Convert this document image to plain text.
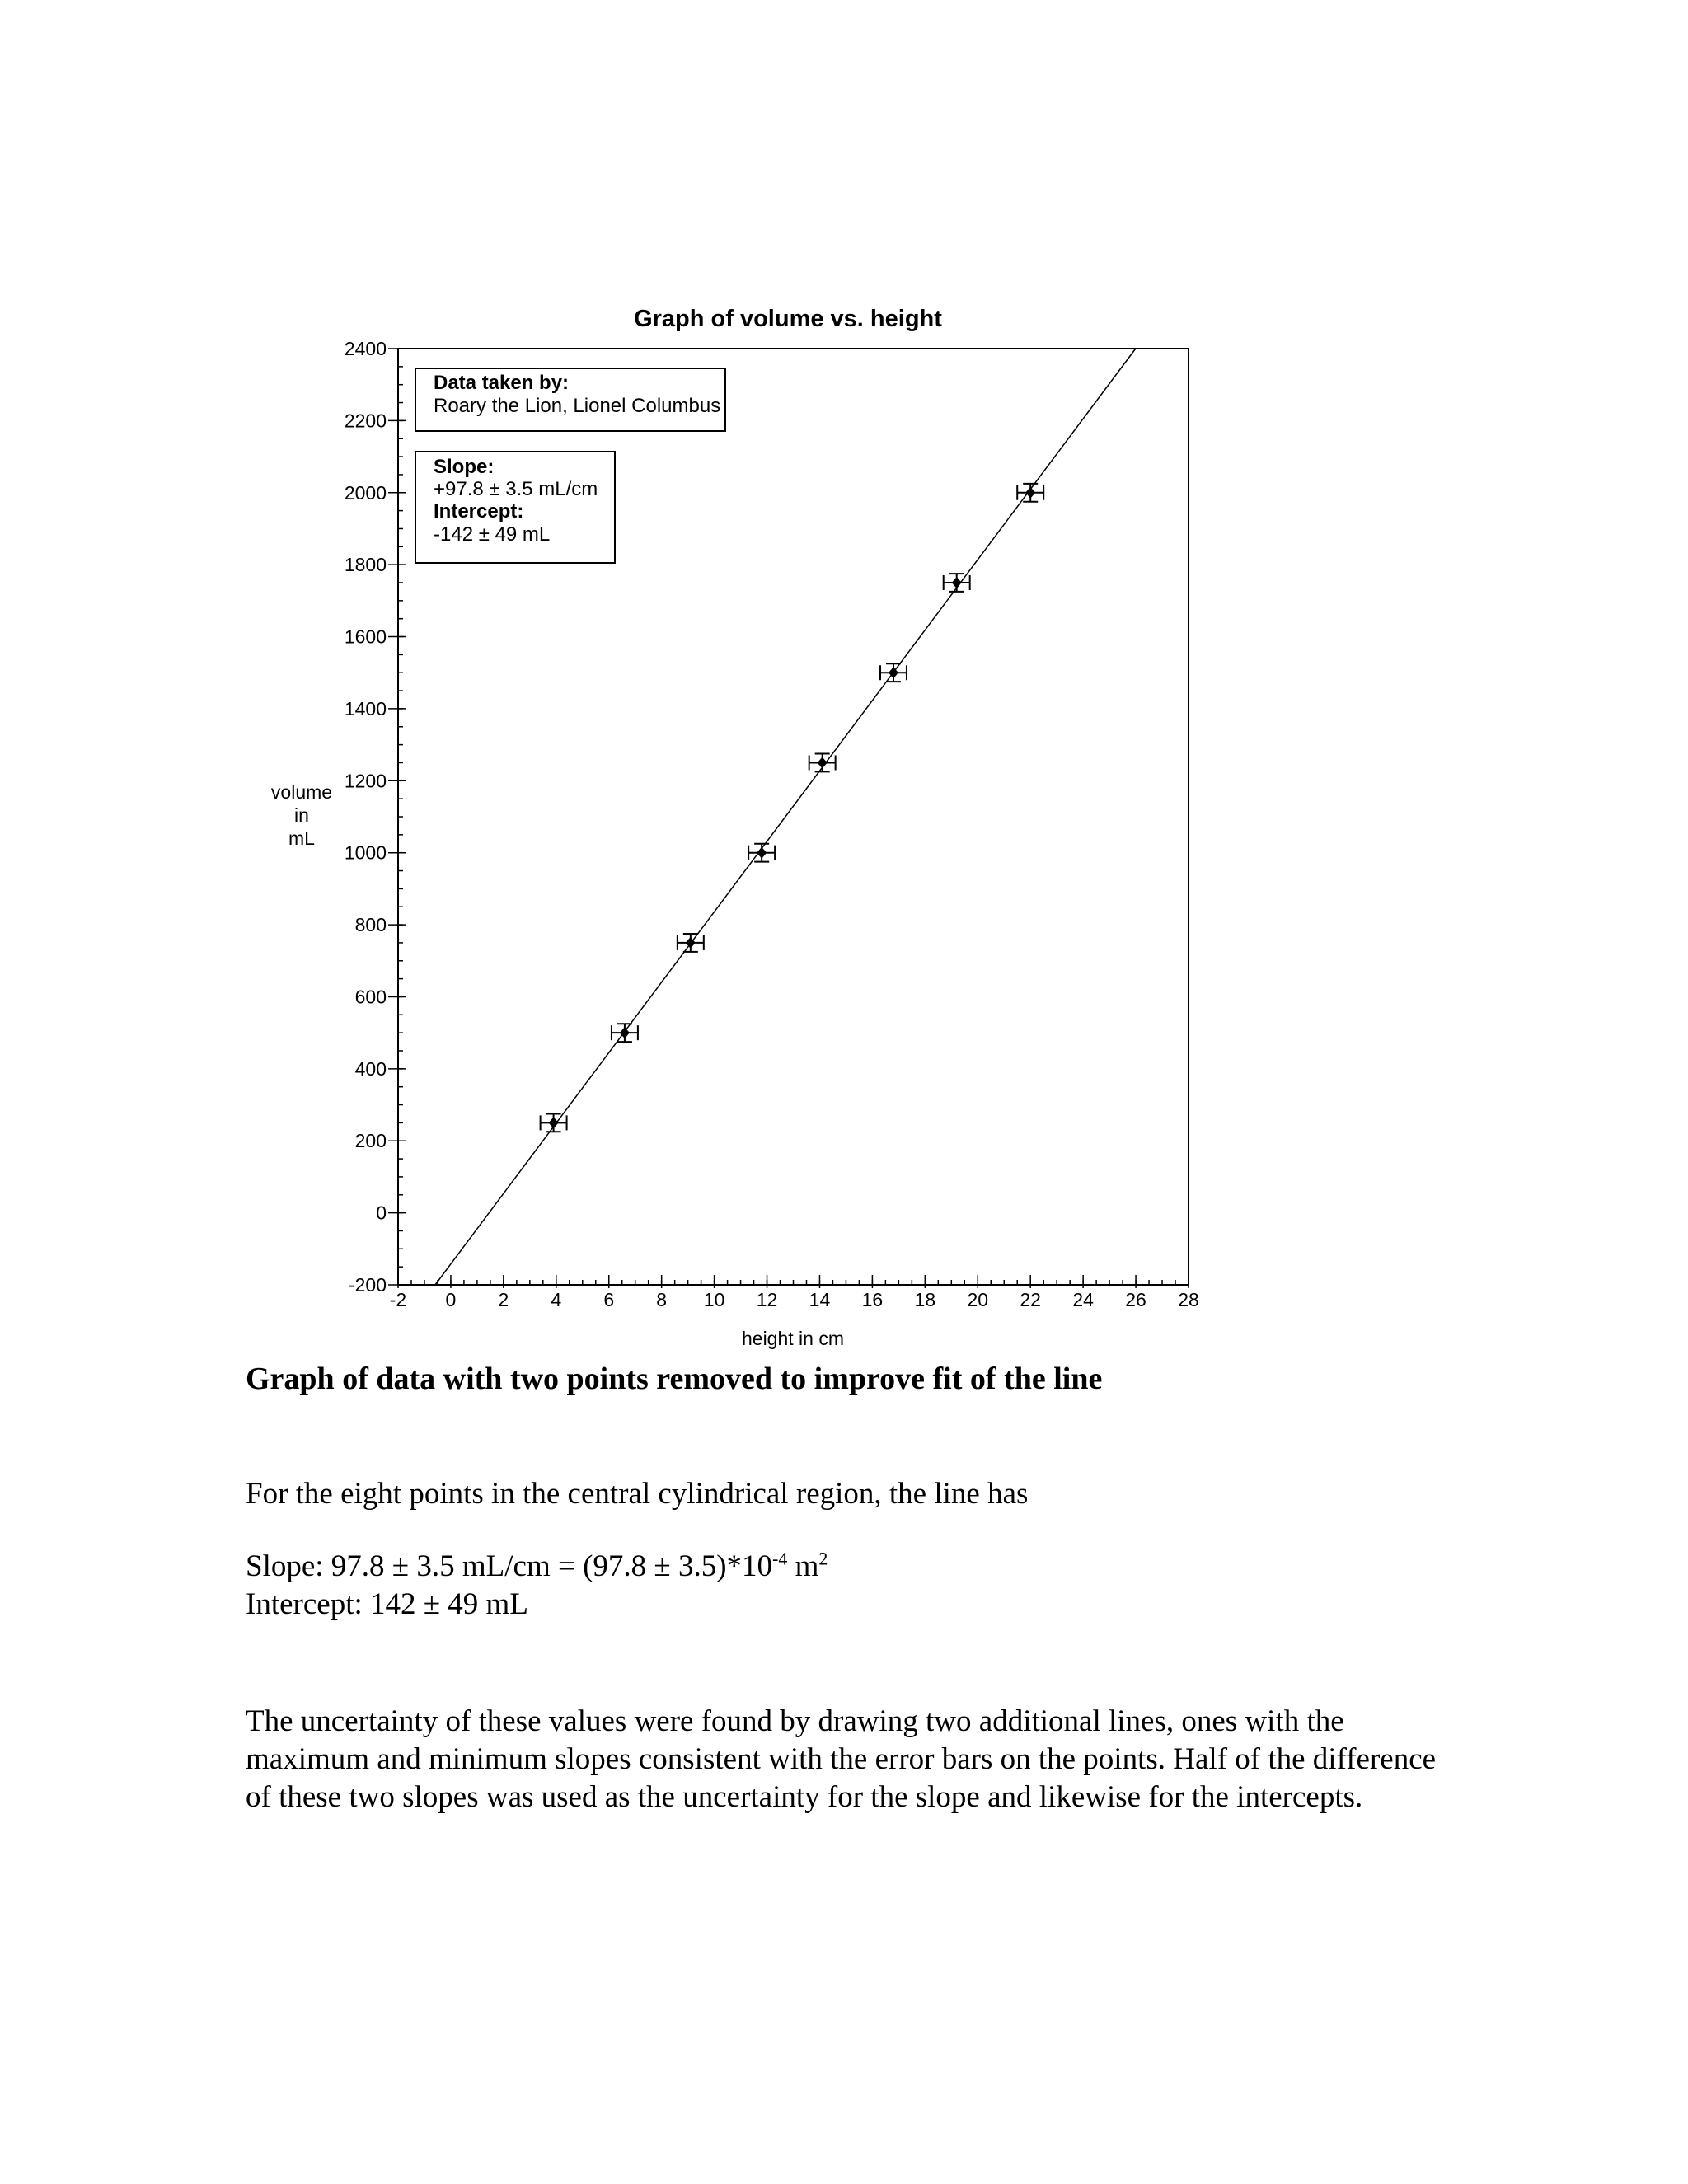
Graph of volume vs. height
-200
0
200
400
600
800
1000
1200
1400
1600
1800
2000
2200
2400
-2 0 2 4 6 8 10 12 14 16 18 20 22 24 26 28
volume
in
mL
height in cm
Data taken by:
Roary the Lion, Lionel Columbus
Slope:
+97.8 ± 3.5 mL/cm
Intercept:
-142 ± 49 mL
Graph of data with two points removed to improve fit of the line
For the eight points in the central cylindrical region, the line has
Slope: 97.8 ± 3.5 $mL/cm = (97.8 \pm 3.5)*10^{-4}$ $m^2$
Intercept: 142 ± 49 mL
The uncertainty of these values were found by drawing two additional lines, ones with the maximum and minimum slopes consistent with the error bars on the points. Half of the difference of these two slopes was used as the uncertainty for the slope and likewise for the intercepts.
